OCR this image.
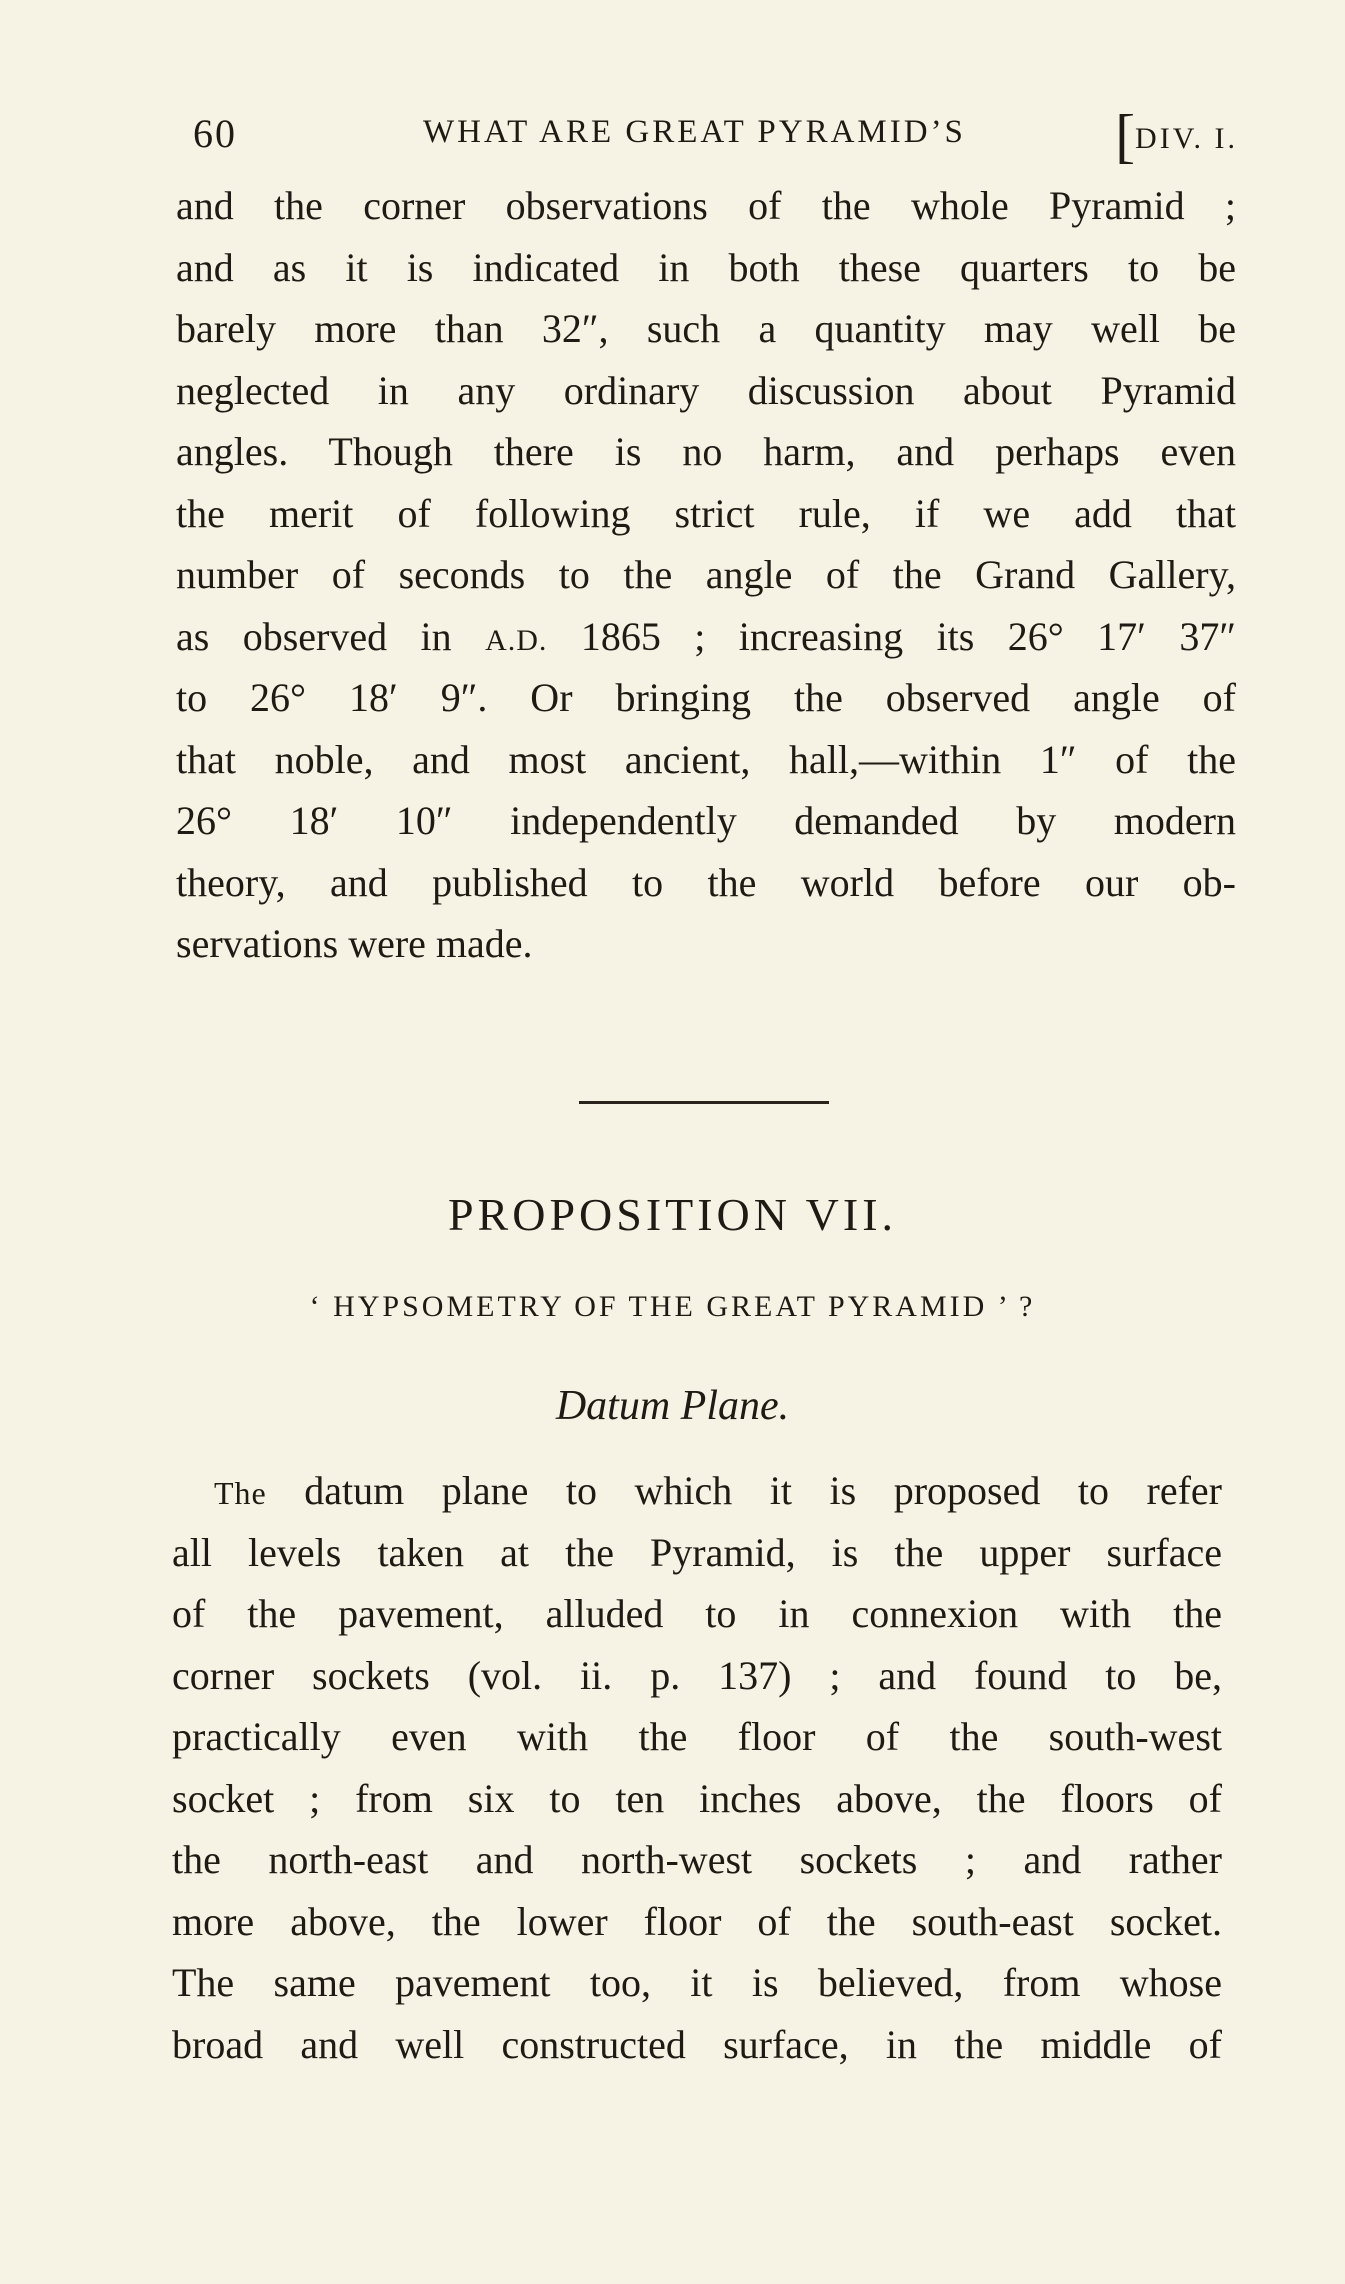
60	WHAT ARE GREAT PYRAMID’S [DIV. I.
and the corner observations of the whole Pyramid ;
and as it is indicated in both these quarters to be
barely more than 32″, such a quantity may well be
neglected in any ordinary discussion about Pyramid
angles. Though there is no harm, and perhaps even
the merit of following strict rule, if we add that
number of seconds to the angle of the Grand Gallery,
as observed in A.D. 1865 ; increasing its 26° 17′ 37″
to 26° 18′ 9″. Or bringing the observed angle of
that noble, and most ancient, hall,—within 1″ of the
26° 18′ 10″ independently demanded by modern
theory, and published to the world before our ob-
servations were made.
PROPOSITION VII.
‘ HYPSOMETRY OF THE GREAT PYRAMID ’ ?
Datum Plane.
The datum plane to which it is proposed to refer
all levels taken at the Pyramid, is the upper surface
of the pavement, alluded to in connexion with the
corner sockets (vol. ii. p. 137) ; and found to be,
practically even with the floor of the south-west
socket ; from six to ten inches above, the floors of
the north-east and north-west sockets ; and rather
more above, the lower floor of the south-east socket.
The same pavement too, it is believed, from whose
broad and well constructed surface, in the middle of
